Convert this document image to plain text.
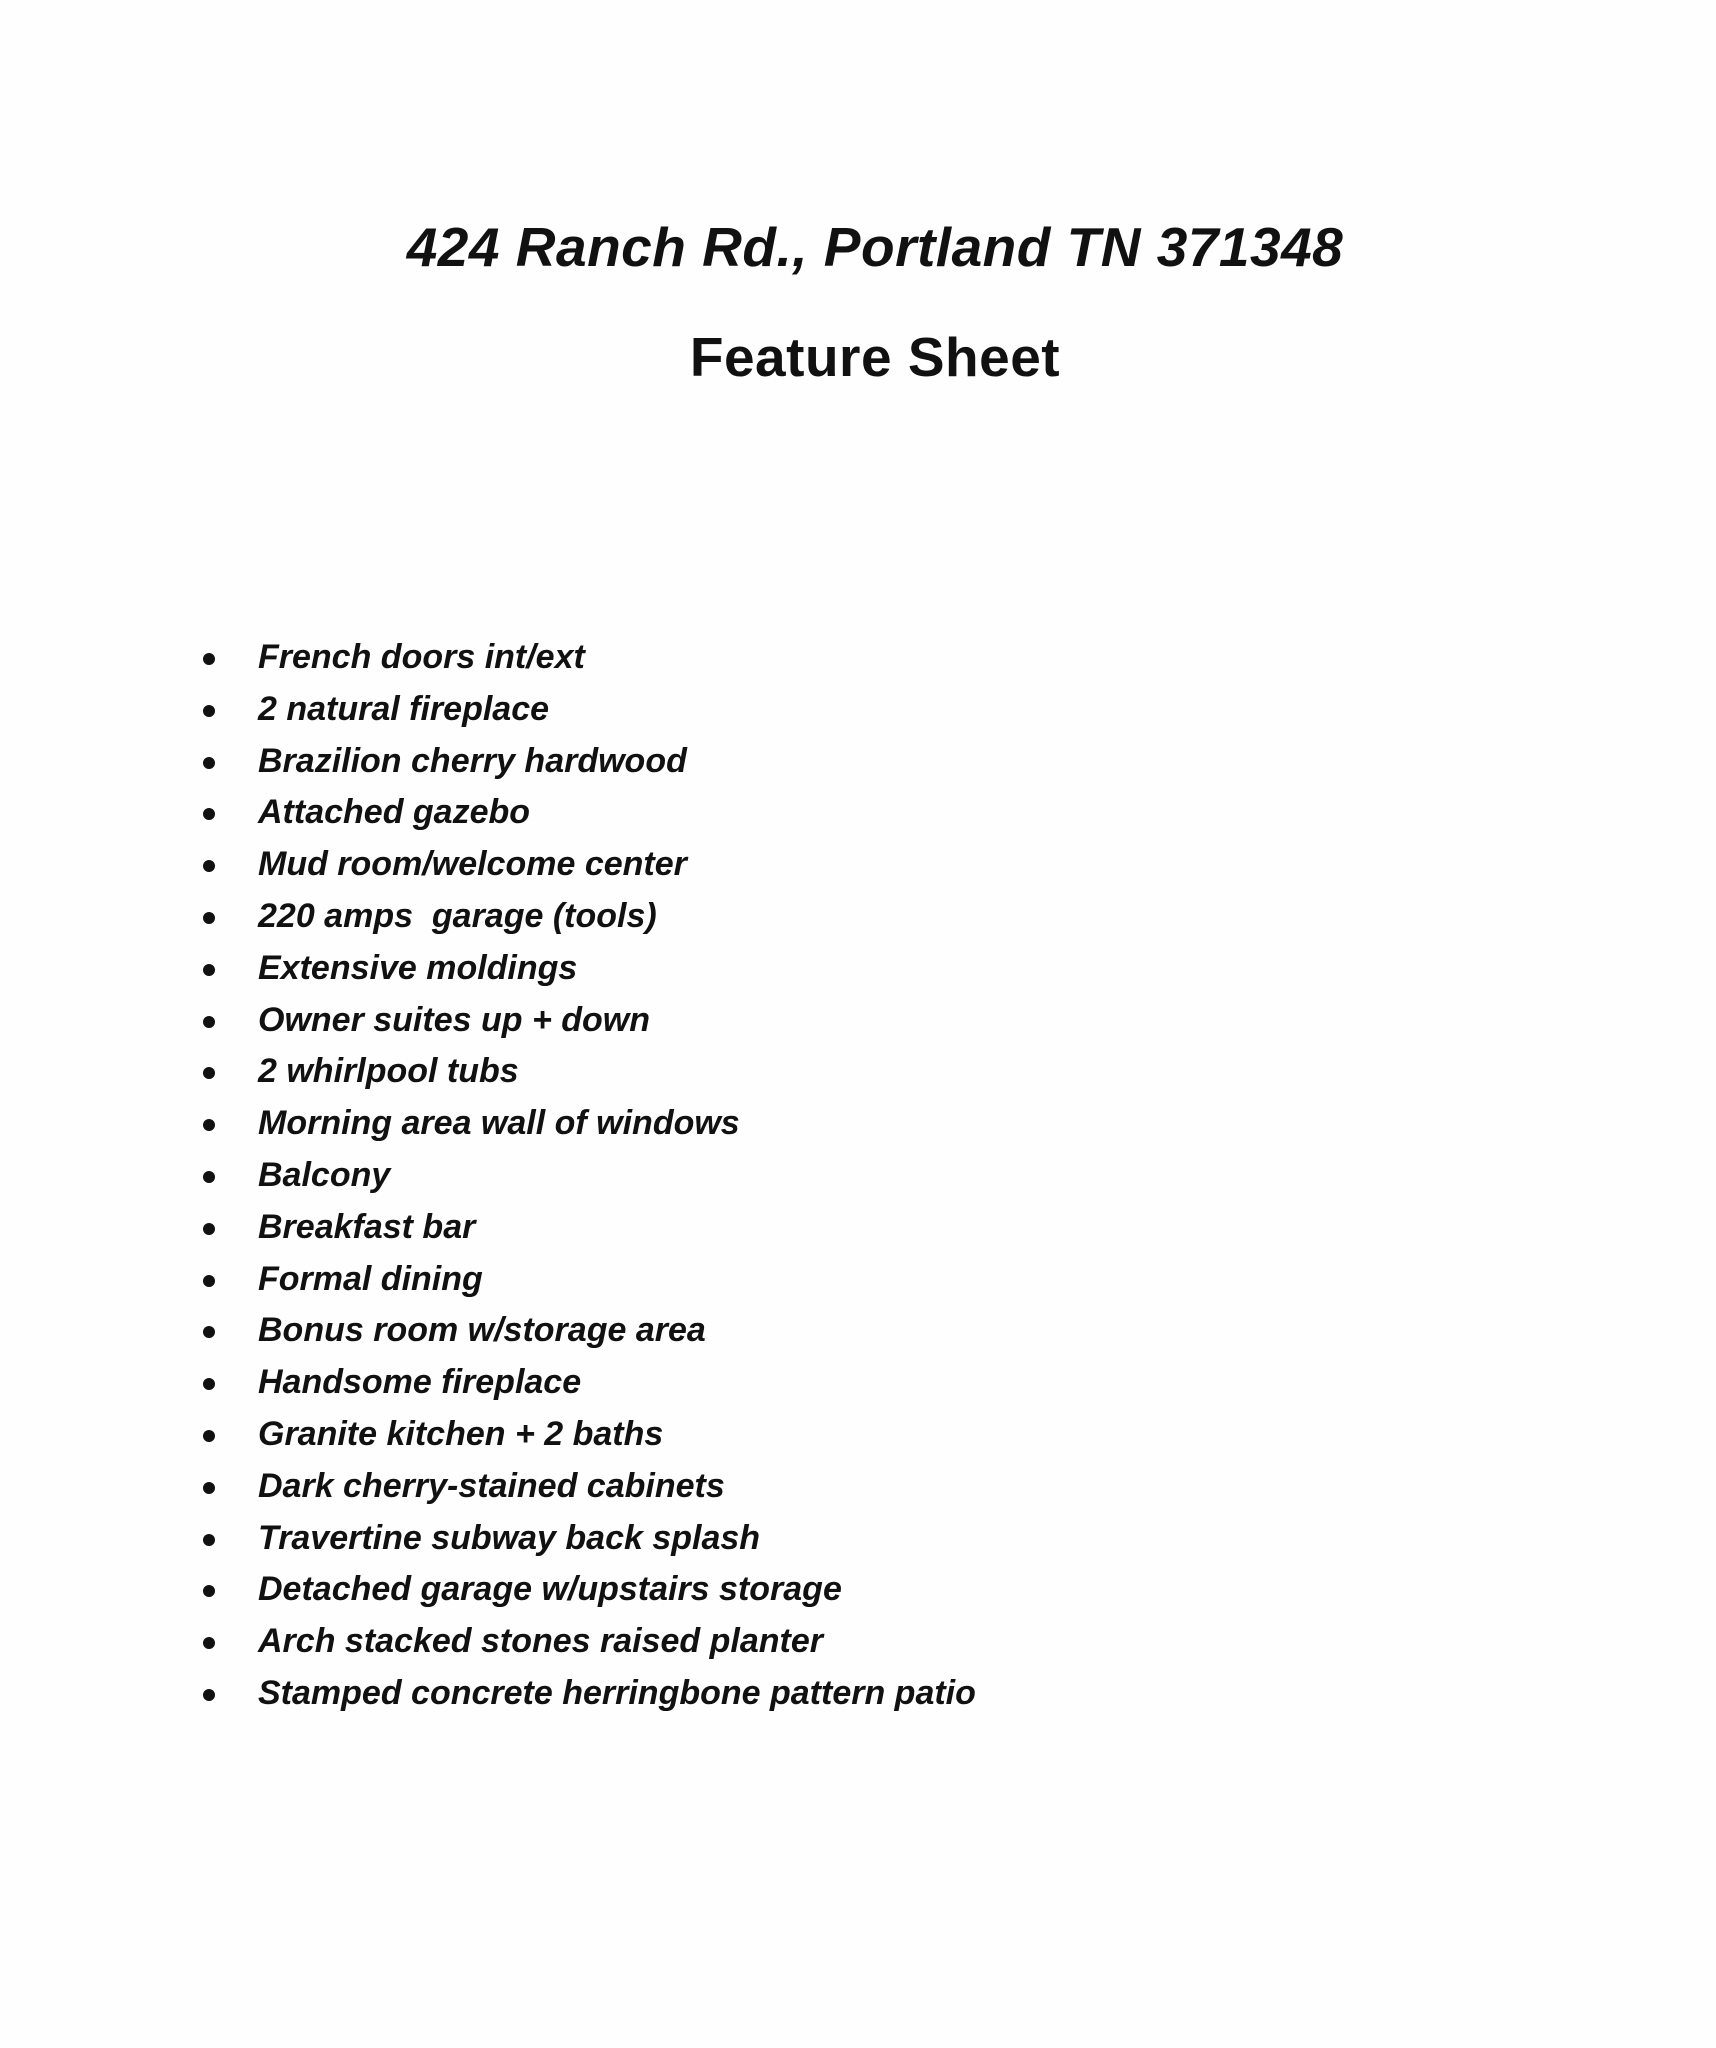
424 Ranch Rd., Portland TN 371348
Feature Sheet
French doors int/ext
2 natural fireplace
Brazilion cherry hardwood
Attached gazebo
Mud room/welcome center
220 amps  garage (tools)
Extensive moldings
Owner suites up + down
2 whirlpool tubs
Morning area wall of windows
Balcony
Breakfast bar
Formal dining
Bonus room w/storage area
Handsome fireplace
Granite kitchen + 2 baths
Dark cherry-stained cabinets
Travertine subway back splash
Detached garage w/upstairs storage
Arch stacked stones raised planter
Stamped concrete herringbone pattern patio
